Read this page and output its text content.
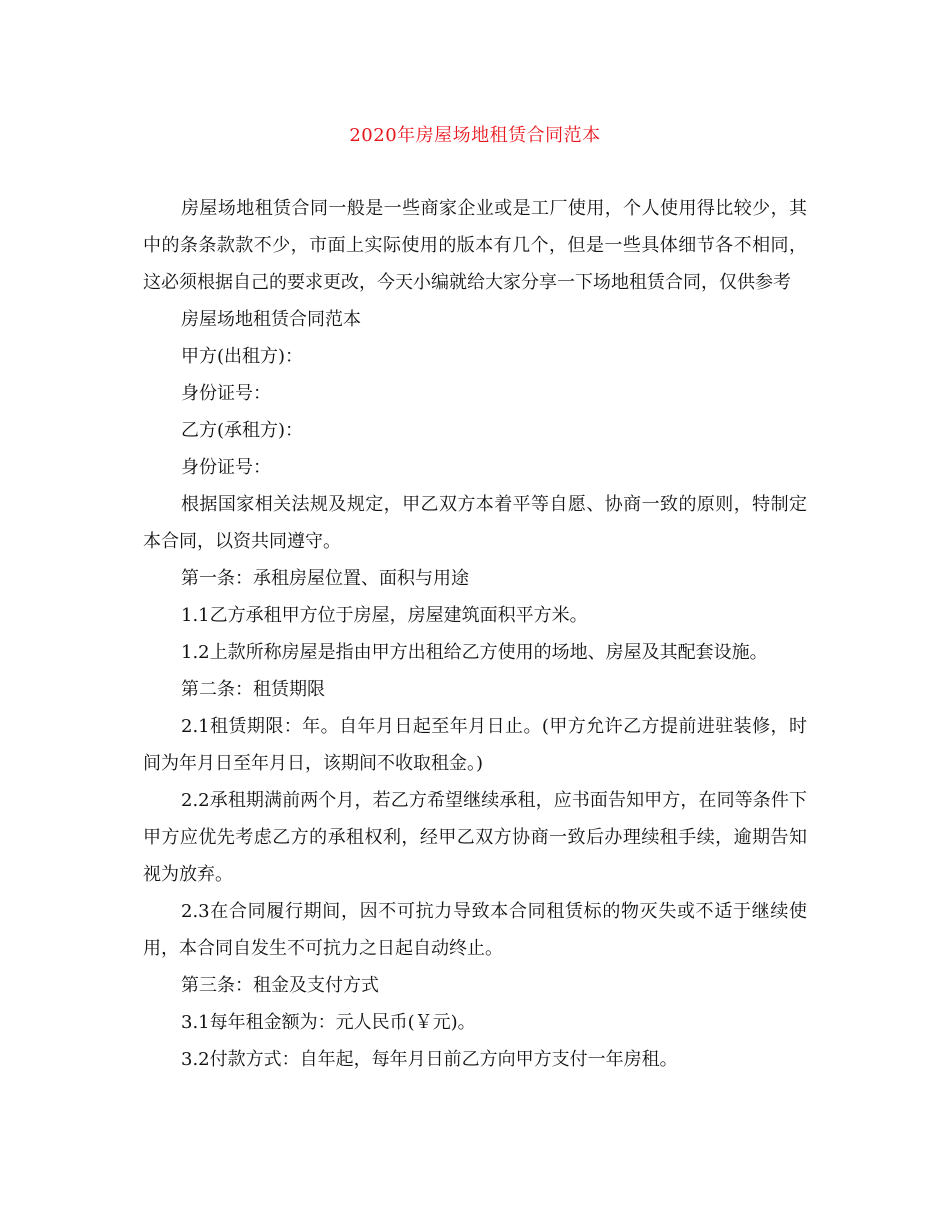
2020年房屋场地租赁合同范本

房屋场地租赁合同一般是一些商家企业或是工厂使用，个人使用得比较少，其中的条条款款不少，市面上实际使用的版本有几个，但是一些具体细节各不相同，这必须根据自己的要求更改，今天小编就给大家分享一下场地租赁合同，仅供参考

房屋场地租赁合同范本

甲方(出租方)：

身份证号：

乙方(承租方)：

身份证号：

根据国家相关法规及规定，甲乙双方本着平等自愿、协商一致的原则，特制定本合同，以资共同遵守。

第一条：承租房屋位置、面积与用途

1.1乙方承租甲方位于房屋，房屋建筑面积平方米。

1.2上款所称房屋是指由甲方出租给乙方使用的场地、房屋及其配套设施。

第二条：租赁期限

2.1租赁期限：年。自年月日起至年月日止。(甲方允许乙方提前进驻装修，时间为年月日至年月日，该期间不收取租金。)

2.2承租期满前两个月，若乙方希望继续承租，应书面告知甲方，在同等条件下甲方应优先考虑乙方的承租权利，经甲乙双方协商一致后办理续租手续，逾期告知视为放弃。

2.3在合同履行期间，因不可抗力导致本合同租赁标的物灭失或不适于继续使用，本合同自发生不可抗力之日起自动终止。

第三条：租金及支付方式

3.1每年租金额为：元人民币(￥元)。

3.2付款方式：自年起，每年月日前乙方向甲方支付一年房租。
